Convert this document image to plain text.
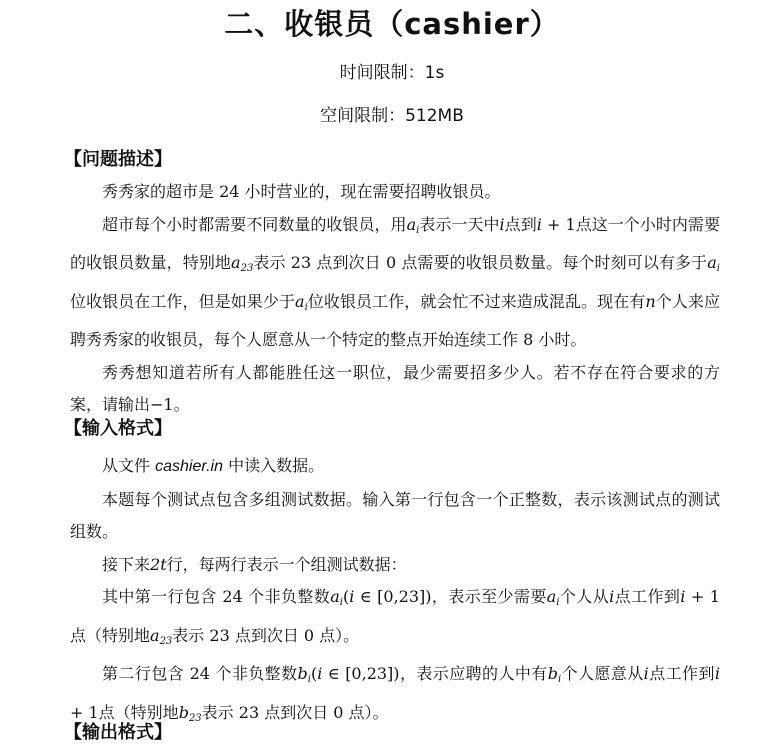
二、收银员（cashier）
时间限制：1s
空间限制：512MB
【问题描述】

秀秀家的超市是 24 小时营业的，现在需要招聘收银员。

超市每个小时都需要不同数量的收银员，用$a_i$表示一天中i点到i + 1点这一个小时内需要的收银员数量，特别地$a_{23}$表示 23 点到次日 0 点需要的收银员数量。每个时刻可以有多于$a_i$位收银员在工作，但是如果少于$a_i$位收银员工作，就会忙不过来造成混乱。现在有n个人来应聘秀秀家的收银员，每个人愿意从一个特定的整点开始连续工作 8 小时。

秀秀想知道若所有人都能胜任这一职位，最少需要招多少人。若不存在符合要求的方案，请输出−1。

【输入格式】

从文件 cashier.in 中读入数据。

本题每个测试点包含多组测试数据。输入第一行包含一个正整数，表示该测试点的测试组数。

接下来2t行，每两行表示一个组测试数据：

其中第一行包含 24 个非负整数$a_i(i$ ∈ [0,23])，表示至少需要$a_i$个人从i点工作到i + 1点（特别地$a_{23}$表示 23 点到次日 0 点）。

第二行包含 24 个非负整数$b_i(i$ ∈ [0,23])，表示应聘的人中有$b_i$个人愿意从i点工作到i + 1点（特别地$b_{23}$表示 23 点到次日 0 点）。

【输出格式】
